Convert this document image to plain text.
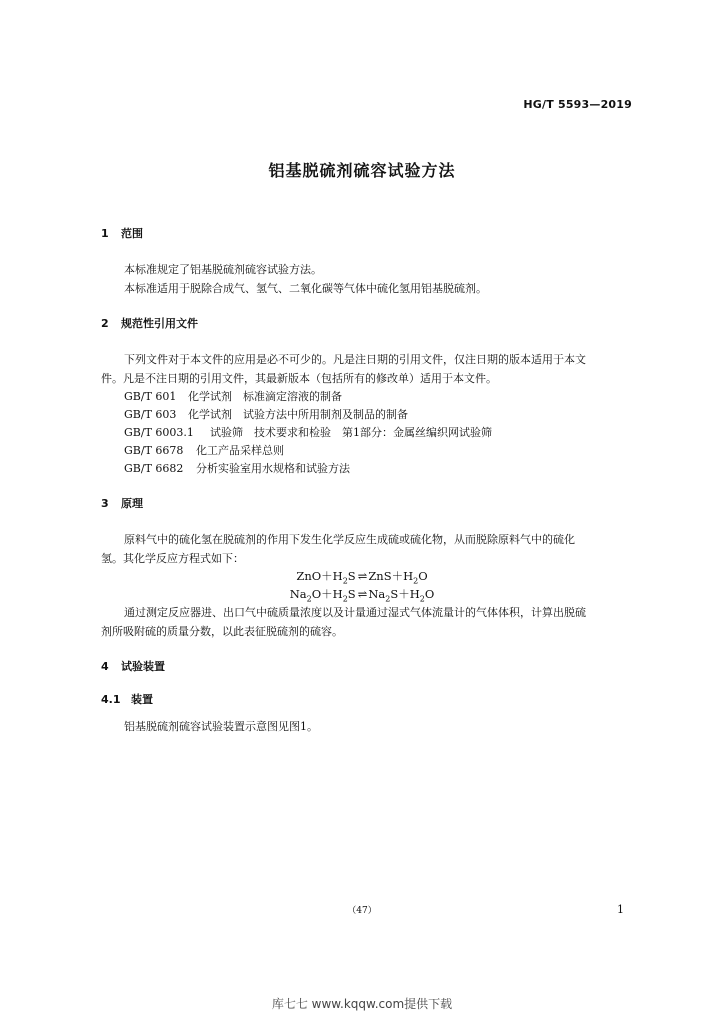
HG/T 5593—2019
铝基脱硫剂硫容试验方法
1 范围
本标准规定了铝基脱硫剂硫容试验方法。
本标准适用于脱除合成气、氢气、二氧化碳等气体中硫化氢用铝基脱硫剂。
2 规范性引用文件
下列文件对于本文件的应用是必不可少的。凡是注日期的引用文件，仅注日期的版本适用于本文
件。凡是不注日期的引用文件，其最新版本（包括所有的修改单）适用于本文件。
GB/T 601 化学试剂　标准滴定溶液的制备
GB/T 603 化学试剂　试验方法中所用制剂及制品的制备
GB/T 6003.1 试验筛　技术要求和检验　第1部分：金属丝编织网试验筛
GB/T 6678 化工产品采样总则
GB/T 6682 分析实验室用水规格和试验方法
3 原理
原料气中的硫化氢在脱硫剂的作用下发生化学反应生成硫或硫化物，从而脱除原料气中的硫化
氢。其化学反应方程式如下：
$ZnO+H_2S$ ⇌ $ZnS+H_2O$
$Na_2O+H_2S$ ⇌ $Na_2S+H_2O$
通过测定反应器进、出口气中硫质量浓度以及计量通过湿式气体流量计的气体体积，计算出脱硫
剂所吸附硫的质量分数，以此表征脱硫剂的硫容。
4 试验装置
4.1 装置
铝基脱硫剂硫容试验装置示意图见图1。
（47）	1
库七七 www.kqqw.com提供下载
